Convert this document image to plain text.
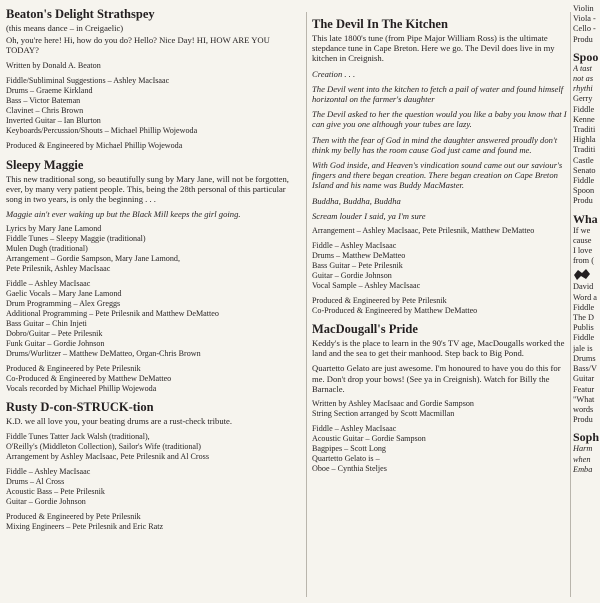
Beaton's Delight Strathspey

(this means dance – in Creigaelic)

Oh, you're here! Hi, how do you do? Hello? Nice Day! HI, HOW ARE YOU TODAY?

Written by Donald A. Beaton
Fiddle/Subliminal Suggestions – Ashley MacIsaac
Drums – Graeme Kirkland
Bass – Victor Bateman
Clavinet – Chris Brown
Inverted Guitar – Ian Blurton
Keyboards/Percussion/Shouts – Michael Phillip Wojewoda
Produced & Engineered by Michael Phillip Wojewoda
Sleepy Maggie

This new traditional song, so beautifully sung by Mary Jane, will not be forgotten, ever, by many very patient people. This, being the 28th personal of this particular song in two years, is only the beginning . . .

Maggie ain't ever waking up but the Black Mill keeps the girl going.

Lyrics by Mary Jane Lamond
Fiddle Tunes – Sleepy Maggie (traditional)
Mulen Dugh (traditional)
Arrangement – Gordie Sampson, Mary Jane Lamond,
Pete Prilesnik, Ashley MacIsaac
Fiddle – Ashley MacIsaac
Gaelic Vocals – Mary Jane Lamond
Drum Programming – Alex Greggs
Additional Programming – Pete Prilesnik and Matthew DeMatteo
Bass Guitar – Chin Injeti
Dobro/Guitar – Pete Prilesnik
Funk Guitar – Gordie Johnson
Drums/Wurlitzer – Matthew DeMatteo, Organ-Chris Brown
Produced & Engineered by Pete Prilesnik
Co-Produced & Engineered by Matthew DeMatteo
Vocals recorded by Michael Phillip Wojewoda
Rusty D-con-STRUCK-tion

K.D. we all love you, your beating drums are a rust-check tribute.

Fiddle Tunes Tatter Jack Walsh (traditional),
O'Reilly's (Middleton Collection), Sailor's Wife (traditional)
Arrangement by Ashley MacIsaac, Pete Prilesnik and Al Cross
Fiddle – Ashley MacIsaac
Drums – Al Cross
Acoustic Bass – Pete Prilesnik
Guitar – Gordie Johnson
Produced & Engineered by Pete Prilesnik
Mixing Engineers – Pete Prilesnik and Eric Ratz
The Devil In The Kitchen

This late 1800's tune (from Pipe Major William Ross) is the ultimate stepdance tune in Cape Breton. Here we go. The Devil does live in my kitchen in Creignish.

Creation . . .

The Devil went into the kitchen to fetch a pail of water and found himself horizontal on the farmer's daughter

The Devil asked to her the question would you like a baby you know that I can give you one although your tubes are lazy.

Then with the fear of God in mind the daughter answered proudly don't think my belly has the room cause God just came and found me.

With God inside, and Heaven's vindication sound came out our saviour's fingers and there began creation. There began creation on Cape Breton Island and his name was Buddy MacMaster.

Buddha, Buddha, Buddha

Scream louder I said, ya I'm sure

Arrangement – Ashley MacIsaac, Pete Prilesnik, Matthew DeMatteo
Fiddle – Ashley MacIsaac
Drums – Matthew DeMatteo
Bass Guitar – Pete Prilesnik
Guitar – Gordie Johnson
Vocal Sample – Ashley MacIsaac
Produced & Engineered by Pete Prilesnik
Co-Produced & Engineered by Matthew DeMatteo
MacDougall's Pride

Keddy's is the place to learn in the 90's TV age, MacDougalls worked the land and the sea to get their manhood. Step back to Big Pond.

Quartetto Gelato are just awesome. I'm honoured to have you do this for me. Don't drop your bows! (See ya in Creignish). Watch for Billy the Barnacle.

Written by Ashley MacIsaac and Gordie Sampson
String Section arranged by Scott Macmillan
Fiddle – Ashley MacIsaac
Acoustic Guitar – Gordie Sampson
Bagpipes – Scott Long
Quartetto Gelato is –
Oboe – Cynthia Steljes
Violin
Viola -
Cello -
Produ
Spoo
A tast
not as
rhythi
Gerry
Fiddle
Kenne
Traditi
Highla
Traditi
Castle
Senato
Fiddle
Spoon
Produ
Wha
If we
cause
I love
from (
David
Word a
Fiddle
The D
Publis
Fiddle
jale is
Drums
Bass/V
Guitar
Featur
"What
words
Produ
Soph
Harm
when
Emba
